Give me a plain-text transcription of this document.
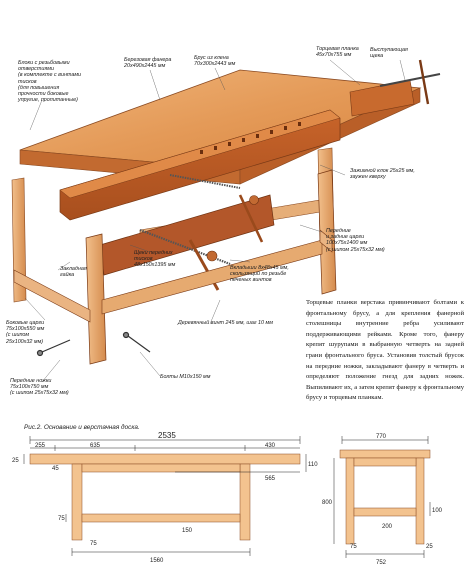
Блоки с резьбовыми
отверстиями
(в комплекте с винтами
тисков
(для повышения
прочности боковые
упругие, пропитанные)
Березовая фанера
20х490х2445 мм
Брус из клена
70х300х2443 мм
Торцевая планка
45х70х755 мм
Выступающая
щека
Зажимной клок 25х25 мм,
заужен кверху
Передние
и задние царги
100х75х1400 мм
(с шипом 25х75х32 мм)
Вкладыши 8х48х45 мм,
скользящий по резьбе
печеных винтов
Щеки передних
тисков
48х150х1395 мм
Закладная
гайка
Деревянный винт 245 мм, шаг 10 мм
Боковые царги
75х100х550 мм
(с шипом
25х100х32 мм)
Болты М10х150 мм
Передние ножки
75х100х750 мм
(с шипом 25х75х32 мм)
Торцевые планки верстака привинчивают болтами к фронтальному брусу, а для крепления фанерной столешницы внутренние ребра усиливают поддерживающими рейками. Кроме того, фанеру крепят шурупами в выбранную четверть на задней грани фронтального бруса. Установив толстый брусок на передние ножки, закладывают фанеру в четверть и определяют положение гнезд для задних ножек. Выпиливают их, а затем крепят фанеру к фронтальному брусу и торцевым планкам.
Рис.2. Основание и верстачная доска.
2535
255	635	430
25
45
565
110
75
75
150
1560
770
800
100
200
752
75	25
